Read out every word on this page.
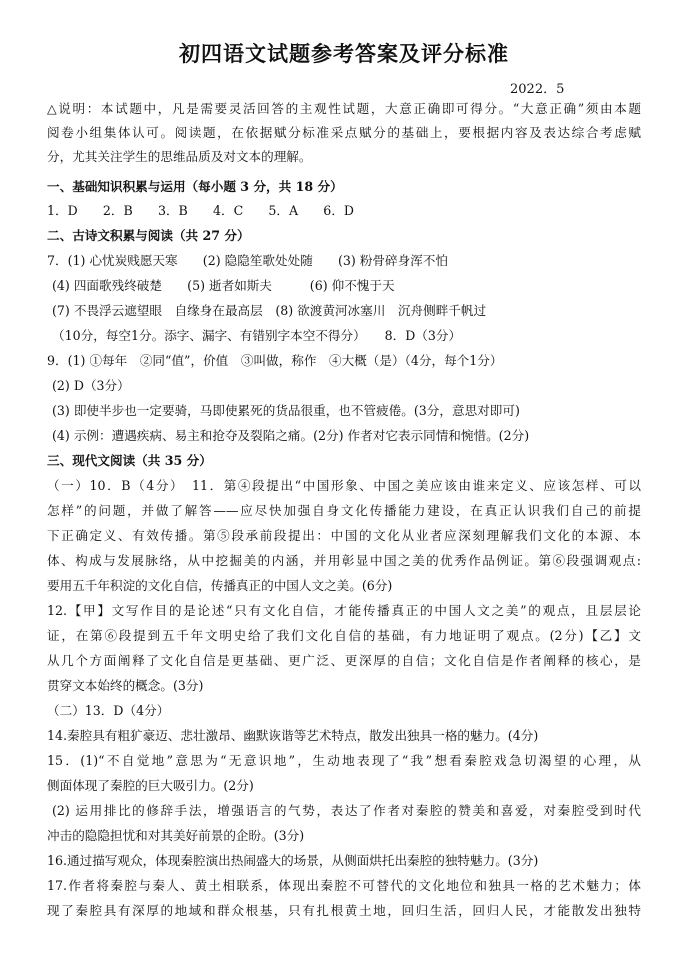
初四语文试题参考答案及评分标准
2022．5
△说明：本试题中，凡是需要灵活回答的主观性试题，大意正确即可得分。“大意正确”须由本题
阅卷小组集体认可。阅读题，在依据赋分标准采点赋分的基础上，要根据内容及表达综合考虑赋
分，尤其关注学生的思维品质及对文本的理解。
一、基础知识积累与运用（每小题 3 分，共 18 分）
1．D　　2．B　　3．B　　4．C　　5．A　　6．D
二、古诗文积累与阅读（共 27 分）
7．(1) 心忧炭贱愿天寒　　(2) 隐隐笙歌处处随　　(3) 粉骨碎身浑不怕
(4) 四面歌残终破楚　　(5) 逝者如斯夫　　　(6) 仰不愧于天
(7) 不畏浮云遮望眼　自缘身在最高层　(8) 欲渡黄河冰塞川　沉舟侧畔千帆过
（10分，每空1分。添字、漏字、有错别字本空不得分）　　8．D（3分）
9．(1) ①每年　②同“值”，价值　③叫做，称作　④大概（是）（4分，每个1分）
(2) D（3分）
(3) 即使半步也一定要骑，马即使累死的货品很重，也不管疲倦。(3分，意思对即可)
(4) 示例：遭遇疾病、易主和抢夺及裂陷之痛。(2分) 作者对它表示同情和惋惜。(2分)
三、现代文阅读（共 35 分）
（一）10．B（4分）　11．第④段提出“中国形象、中国之美应该由谁来定义、应该怎样、可以
怎样”的问题，并做了解答——应尽快加强自身文化传播能力建设，在真正认识我们自己的前提
下正确定义、有效传播。第⑤段承前段提出：中国的文化从业者应深刻理解我们文化的本源、本
体、构成与发展脉络，从中挖掘美的内涵，并用彰显中国之美的优秀作品例证。第⑥段强调观点:
要用五千年积淀的文化自信，传播真正的中国人文之美。(6分)
12.【甲】文写作目的是论述“只有文化自信，才能传播真正的中国人文之美”的观点，且层层论
证，在第⑥段提到五千年文明史给了我们文化自信的基础，有力地证明了观点。(2分)【乙】文
从几个方面阐释了文化自信是更基础、更广泛、更深厚的自信；文化自信是作者阐释的核心，是
贯穿文本始终的概念。(3分)
（二）13．D（4分）
14.秦腔具有粗犷豪迈、悲壮激昂、幽默诙谐等艺术特点，散发出独具一格的魅力。(4分)
15．(1)“不自觉地”意思为“无意识地”，生动地表现了“我”想看秦腔戏急切渴望的心理，从
侧面体现了秦腔的巨大吸引力。(2分)
(2) 运用排比的修辞手法，增强语言的气势，表达了作者对秦腔的赞美和喜爱，对秦腔受到时代
冲击的隐隐担忧和对其美好前景的企盼。(3分)
16.通过描写观众，体现秦腔演出热闹盛大的场景，从侧面烘托出秦腔的独特魅力。(3分)
17.作者将秦腔与秦人、黄土相联系，体现出秦腔不可替代的文化地位和独具一格的艺术魅力；体
现了秦腔具有深厚的地域和群众根基，只有扎根黄土地，回归生活，回归人民，才能散发出独特
